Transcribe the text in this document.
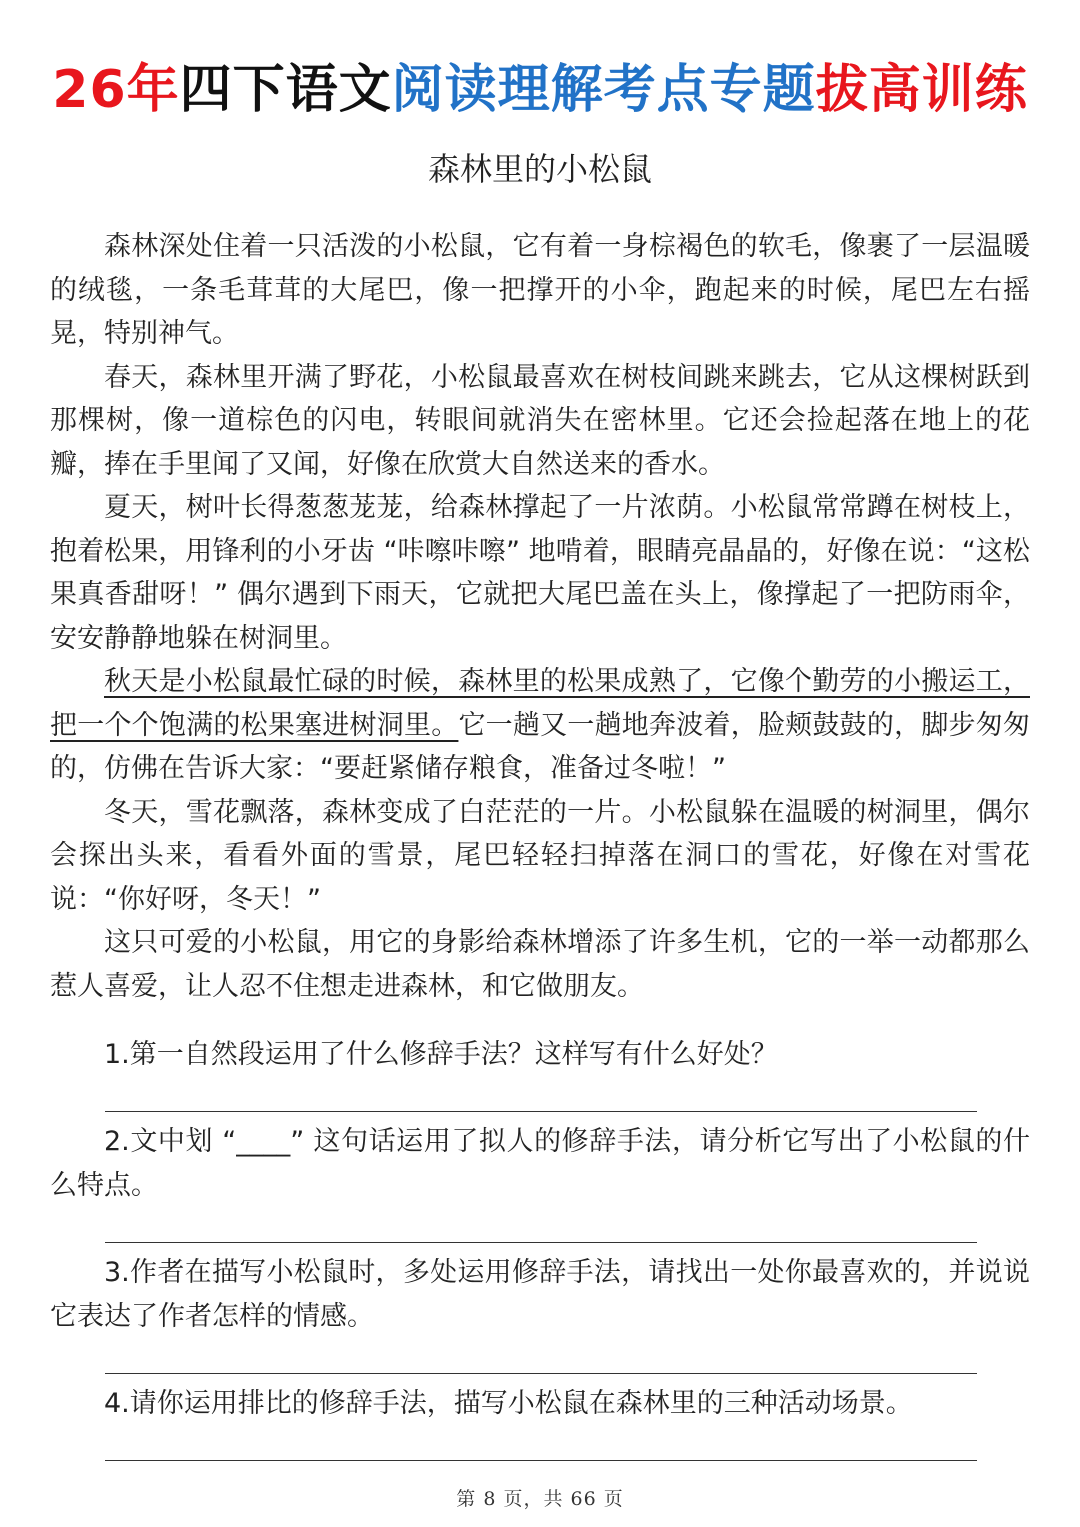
26年四下语文阅读理解考点专题拔高训练
森林里的小松鼠

森林深处住着一只活泼的小松鼠，它有着一身棕褐色的软毛，像裹了一层温暖的绒毯，一条毛茸茸的大尾巴，像一把撑开的小伞，跑起来的时候，尾巴左右摇晃，特别神气。

春天，森林里开满了野花，小松鼠最喜欢在树枝间跳来跳去，它从这棵树跃到那棵树，像一道棕色的闪电，转眼间就消失在密林里。它还会捡起落在地上的花瓣，捧在手里闻了又闻，好像在欣赏大自然送来的香水。

夏天，树叶长得葱葱茏茏，给森林撑起了一片浓荫。小松鼠常常蹲在树枝上，抱着松果，用锋利的小牙齿 “咔嚓咔嚓” 地啃着，眼睛亮晶晶的，好像在说：“这松果真香甜呀！” 偶尔遇到下雨天，它就把大尾巴盖在头上，像撑起了一把防雨伞，安安静静地躲在树洞里。

秋天是小松鼠最忙碌的时候，森林里的松果成熟了，它像个勤劳的小搬运工，把一个个饱满的松果塞进树洞里。它一趟又一趟地奔波着，脸颊鼓鼓的，脚步匆匆的，仿佛在告诉大家：“要赶紧储存粮食，准备过冬啦！”

冬天，雪花飘落，森林变成了白茫茫的一片。小松鼠躲在温暖的树洞里，偶尔会探出头来，看看外面的雪景，尾巴轻轻扫掉落在洞口的雪花，好像在对雪花说：“你好呀，冬天！”

这只可爱的小松鼠，用它的身影给森林增添了许多生机，它的一举一动都那么惹人喜爱，让人忍不住想走进森林，和它做朋友。

1.第一自然段运用了什么修辞手法？这样写有什么好处？

2.文中划 “____” 这句话运用了拟人的修辞手法，请分析它写出了小松鼠的什么特点。

3.作者在描写小松鼠时，多处运用修辞手法，请找出一处你最喜欢的，并说说它表达了作者怎样的情感。

4.请你运用排比的修辞手法，描写小松鼠在森林里的三种活动场景。

第 8 页，共 66 页
